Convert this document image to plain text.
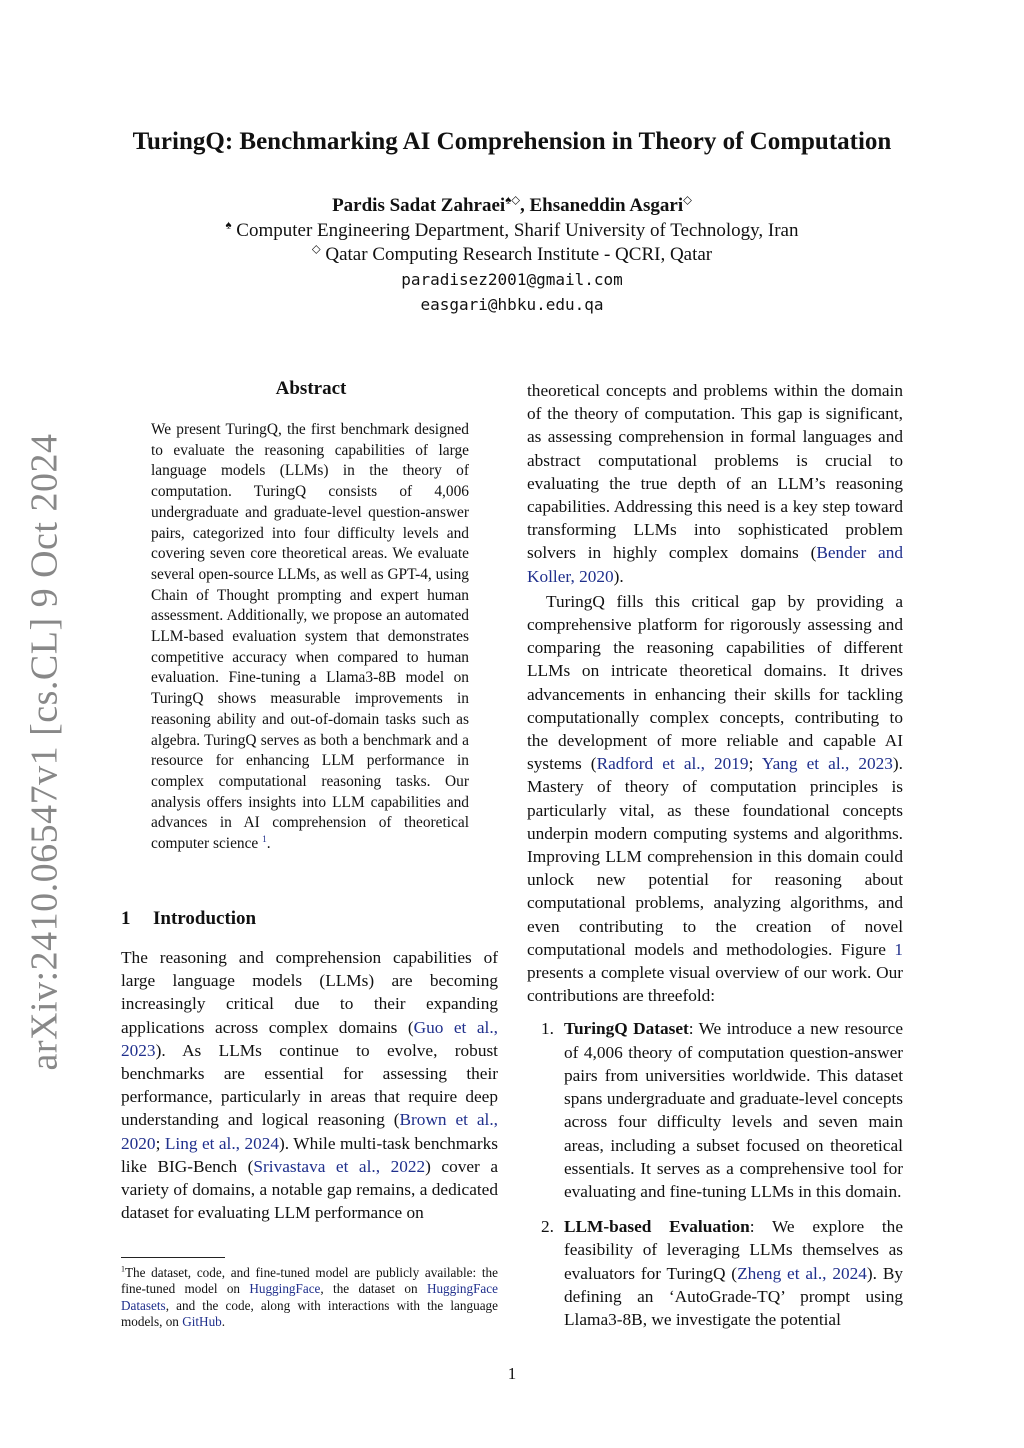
arXiv:2410.06547v1 [cs.CL] 9 Oct 2024
TuringQ: Benchmarking AI Comprehension in Theory of Computation
Pardis Sadat Zahraei♠◇, Ehsaneddin Asgari◇
♠ Computer Engineering Department, Sharif University of Technology, Iran
◇ Qatar Computing Research Institute - QCRI, Qatar
paradisez2001@gmail.com
easgari@hbku.edu.qa
Abstract

We present TuringQ, the first benchmark designed to evaluate the reasoning capabilities of large language models (LLMs) in the theory of computation. TuringQ consists of 4,006 undergraduate and graduate-level question-answer pairs, categorized into four difficulty levels and covering seven core theoretical areas. We evaluate several open-source LLMs, as well as GPT-4, using Chain of Thought prompting and expert human assessment. Additionally, we propose an automated LLM-based evaluation system that demonstrates competitive accuracy when compared to human evaluation. Fine-tuning a Llama3-8B model on TuringQ shows measurable improvements in reasoning ability and out-of-domain tasks such as algebra. TuringQ serves as both a benchmark and a resource for enhancing LLM performance in complex computational reasoning tasks. Our analysis offers insights into LLM capabilities and advances in AI comprehension of theoretical computer science $^1$.

1 Introduction

The reasoning and comprehension capabilities of large language models (LLMs) are becoming increasingly critical due to their expanding applications across complex domains (Guo et al., 2023). As LLMs continue to evolve, robust benchmarks are essential for assessing their performance, particularly in areas that require deep understanding and logical reasoning (Brown et al., 2020; Ling et al., 2024). While multi-task benchmarks like BIG-Bench (Srivastava et al., 2022) cover a variety of domains, a notable gap remains, a dedicated dataset for evaluating LLM performance on

$^1$The dataset, code, and fine-tuned model are publicly available: the fine-tuned model on HuggingFace, the dataset on HuggingFace Datasets, and the code, along with interactions with the language models, on GitHub.

theoretical concepts and problems within the domain of the theory of computation. This gap is significant, as assessing comprehension in formal languages and abstract computational problems is crucial to evaluating the true depth of an LLM’s reasoning capabilities. Addressing this need is a key step toward transforming LLMs into sophisticated problem solvers in highly complex domains (Bender and Koller, 2020).

TuringQ fills this critical gap by providing a comprehensive platform for rigorously assessing and comparing the reasoning capabilities of different LLMs on intricate theoretical domains. It drives advancements in enhancing their skills for tackling computationally complex concepts, contributing to the development of more reliable and capable AI systems (Radford et al., 2019; Yang et al., 2023). Mastery of theory of computation principles is particularly vital, as these foundational concepts underpin modern computing systems and algorithms. Improving LLM comprehension in this domain could unlock new potential for reasoning about computational problems, analyzing algorithms, and even contributing to the creation of novel computational models and methodologies. Figure 1 presents a complete visual overview of our work. Our contributions are threefold:

1. TuringQ Dataset: We introduce a new resource of 4,006 theory of computation question-answer pairs from universities worldwide. This dataset spans undergraduate and graduate-level concepts across four difficulty levels and seven main areas, including a subset focused on theoretical essentials. It serves as a comprehensive tool for evaluating and fine-tuning LLMs in this domain.
2. LLM-based Evaluation: We explore the feasibility of leveraging LLMs themselves as evaluators for TuringQ (Zheng et al., 2024). By defining an ‘AutoGrade-TQ’ prompt using Llama3-8B, we investigate the potential
1
